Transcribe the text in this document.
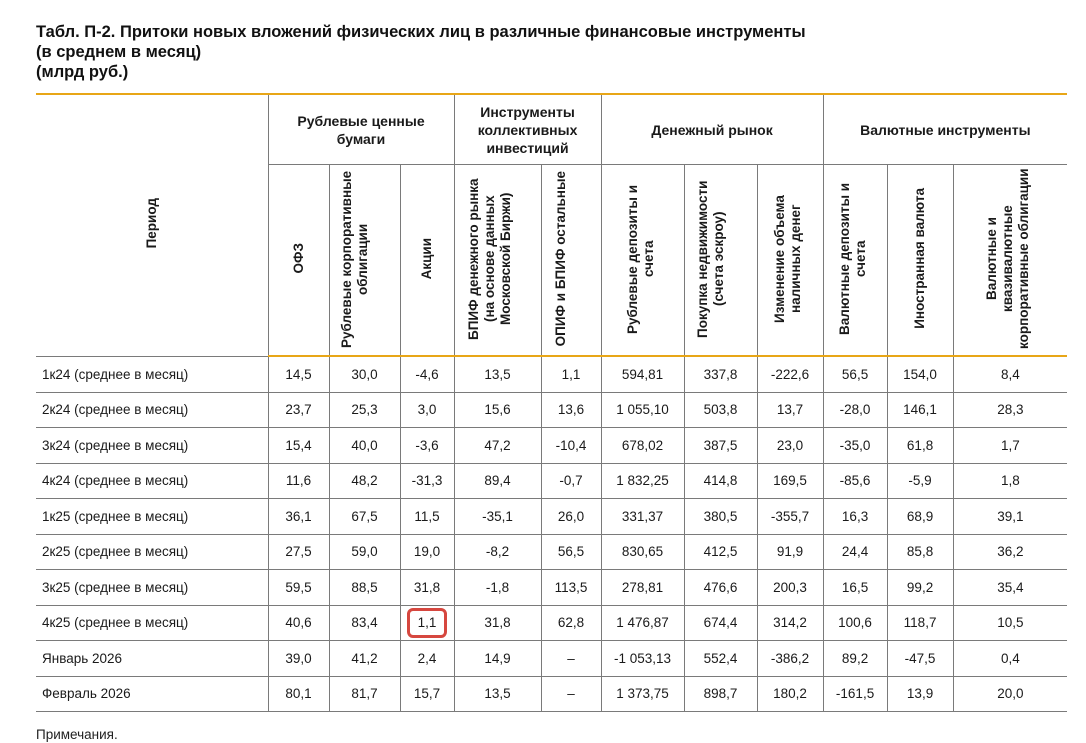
Табл. П-2. Притоки новых вложений физических лиц в различные финансовые инструменты
(в среднем в месяц)
(млрд руб.)
Период	Рублевые ценные бумаги			Инструменты коллективных инвестиций		Денежный рынок			Валютные инструменты		
	ОФЗ	Рублевые корпоративные облигации	Акции	БПИФ денежного рынка (на основе данных Московской Биржи)	ОПИФ и БПИФ остальные	Рублевые депозиты и счета	Покупка недвижимости (счета эскроу)	Изменение объема наличных денег	Валютные депозиты и счета	Иностранная валюта	Валютные и квазивалютные корпоративные облигации
1к24 (среднее в месяц)	14,5	30,0	-4,6	13,5	1,1	594,81	337,8	-222,6	56,5	154,0	8,4
2к24 (среднее в месяц)	23,7	25,3	3,0	15,6	13,6	1 055,10	503,8	13,7	-28,0	146,1	28,3
3к24 (среднее в месяц)	15,4	40,0	-3,6	47,2	-10,4	678,02	387,5	23,0	-35,0	61,8	1,7
4к24 (среднее в месяц)	11,6	48,2	-31,3	89,4	-0,7	1 832,25	414,8	169,5	-85,6	-5,9	1,8
1к25 (среднее в месяц)	36,1	67,5	11,5	-35,1	26,0	331,37	380,5	-355,7	16,3	68,9	39,1
2к25 (среднее в месяц)	27,5	59,0	19,0	-8,2	56,5	830,65	412,5	91,9	24,4	85,8	36,2
3к25 (среднее в месяц)	59,5	88,5	31,8	-1,8	113,5	278,81	476,6	200,3	16,5	99,2	35,4
4к25 (среднее в месяц)	40,6	83,4	1,1	31,8	62,8	1 476,87	674,4	314,2	100,6	118,7	10,5
Январь 2026	39,0	41,2	2,4	14,9	–	-1 053,13	552,4	-386,2	89,2	-47,5	0,4
Февраль 2026	80,1	81,7	15,7	13,5	–	1 373,75	898,7	180,2	-161,5	13,9	20,0
Примечания.
